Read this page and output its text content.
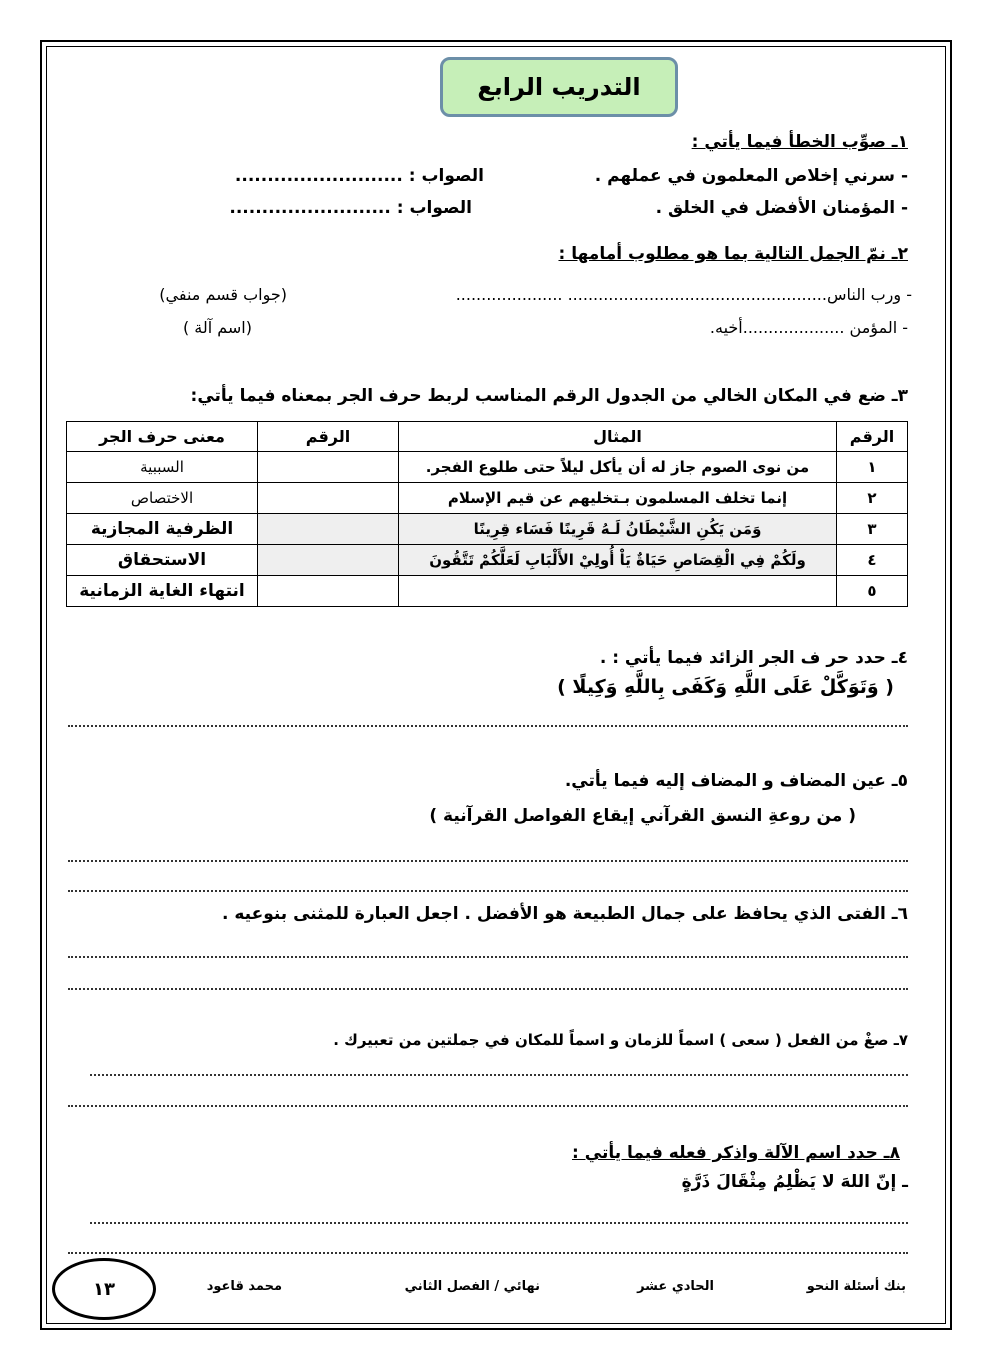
التدريب الرابع
١ـ صوِّب الخطأ فيما يأتي :
- سرني إخلاص المعلمون في عملهم .
الصواب : ..........................
- المؤمنان الأفضل في الخلق .
الصواب : .........................
٢ـ نمّ الجمل التالية بما هو مطلوب أمامها :
- ورب الناس................................................... .....................
(جواب قسم منفي)
- المؤمن ....................أخيه.
(اسم آلة )
٣ـ ضع في المكان الخالي من الجدول الرقم المناسب لربط حرف الجر بمعناه فيما يأتي:
الرقم	المثال	الرقم	معنى حرف الجر
١	من نوى الصوم جاز له أن يأكل ليلاً حتى طلوع الفجر.		السببية
٢	إنما تخلف المسلمون بـتخليهم عن قيم الإسلام		الاختصاص
٣	وَمَن يَكُنِ الشَّيْطَانُ لَـهُ قَرِينًا فَسَاء قِرِينًا		الظرفية المجازية
٤	ولَكُمْ فِي الْقِصَاصِ حَيَاةٌ يَاْ أُولِيْ الأَلْبَابِ لَعَلَّكُمْ تَتَّقُونَ		الاستحقاق
٥			انتهاء الغاية الزمانية
٤ـ حدد حر ف الجر الزائد فيما يأتي : .
( وَتَوَكَّلْ عَلَى اللَّهِ وَكَفَى بِاللَّهِ وَكِيلًا )
٥ـ عين المضاف و المضاف إليه فيما يأتي.
( من روعةِ النسق القرآني إيقاع الفواصل القرآنية )
٦ـ الفتى الذي يحافظ على جمال الطبيعة هو الأفضل . اجعل العبارة للمثنى بنوعيه .
٧ـ صغْ من الفعل ( سعى ) اسماً للزمان و اسماً للمكان في جملتين من تعبيرك .
٨ـ حدد اسم الآلة واذكر فعله فيما يأتي :
ـ إنّ اللهَ لا يَظْلِمُ مِثْقَالَ ذَرَّةٍ
بنك أسئلة النحو
الحادي عشر
نهائي / الفصل الثاني
محمد قاعود
١٣
